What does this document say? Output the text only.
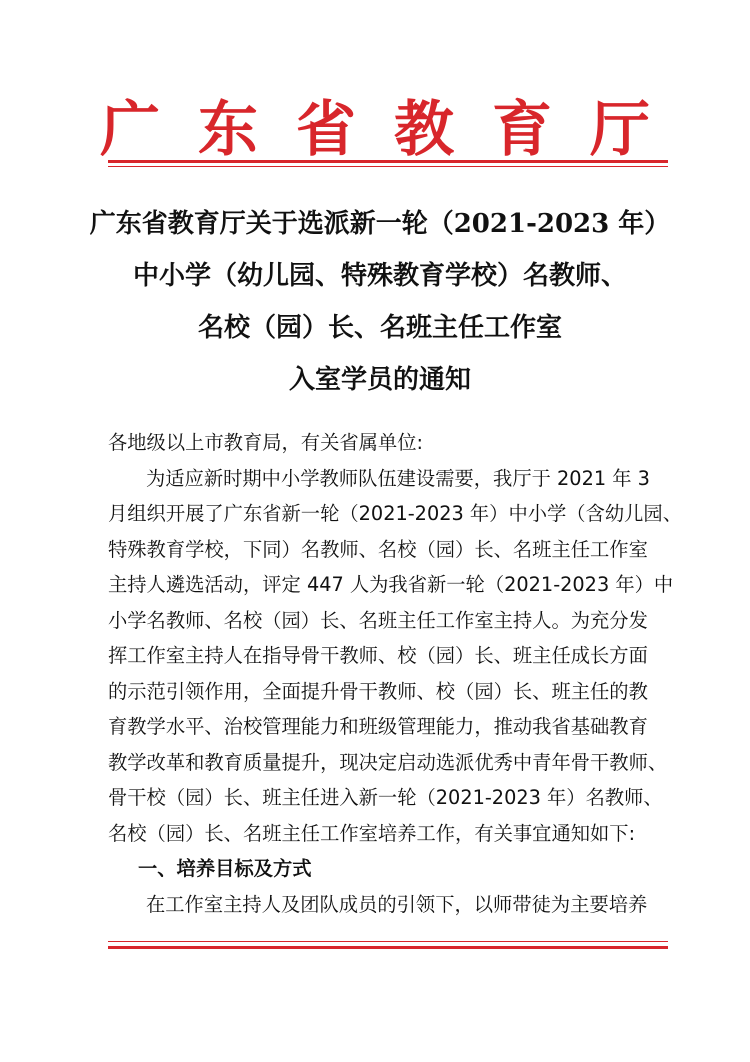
广东省教育厅
广东省教育厅关于选派新一轮（2021-2023 年）
中小学（幼儿园、特殊教育学校）名教师、
名校（园）长、名班主任工作室
入室学员的通知
各地级以上市教育局，有关省属单位:
为适应新时期中小学教师队伍建设需要，我厅于 2021 年 3
月组织开展了广东省新一轮（2021-2023 年）中小学（含幼儿园、
特殊教育学校，下同）名教师、名校（园）长、名班主任工作室
主持人遴选活动，评定 447 人为我省新一轮（2021-2023 年）中
小学名教师、名校（园）长、名班主任工作室主持人。为充分发
挥工作室主持人在指导骨干教师、校（园）长、班主任成长方面
的示范引领作用，全面提升骨干教师、校（园）长、班主任的教
育教学水平、治校管理能力和班级管理能力，推动我省基础教育
教学改革和教育质量提升，现决定启动选派优秀中青年骨干教师、
骨干校（园）长、班主任进入新一轮（2021-2023 年）名教师、
名校（园）长、名班主任工作室培养工作，有关事宜通知如下:
一、培养目标及方式
在工作室主持人及团队成员的引领下，以师带徒为主要培养
